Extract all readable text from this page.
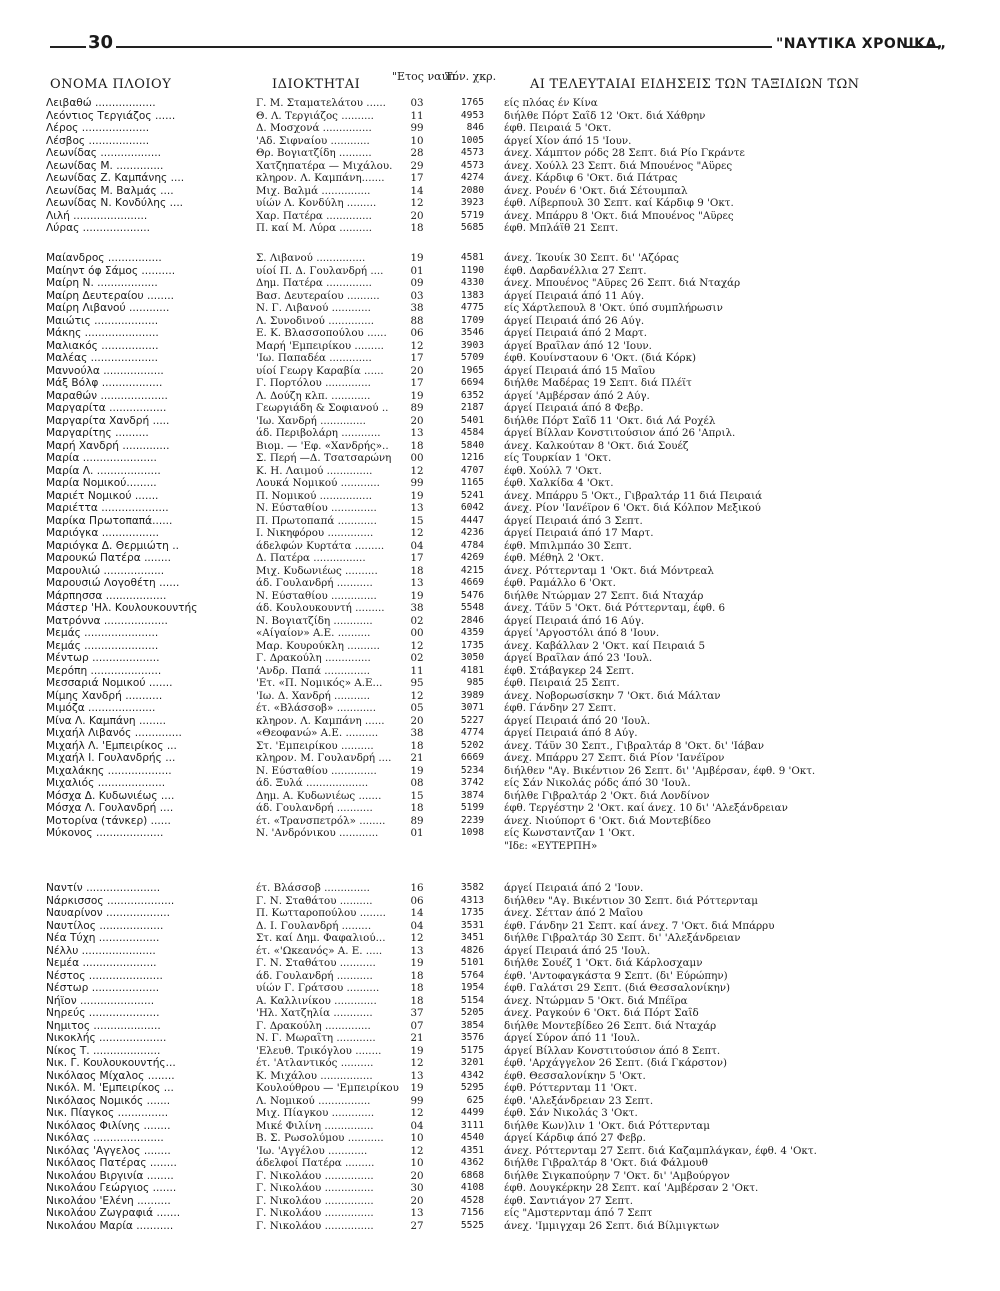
30	"ΝΑΥΤΙΚΑ ΧΡΟΝΙΚΑ„
ΟΝΟΜΑ ΠΛΟΙΟΥ	ΙΔΙΟΚΤΗΤΑΙ
"Ετος ναυπ.
Τόν. χκρ.
ΑΙ ΤΕΛΕΥΤΑΙΑΙ ΕΙΔΗΣΕΙΣ ΤΩΝ ΤΑΞΙΔΙΩΝ ΤΩΝ
Λειβαθώ ..................	Γ. Μ. Σταματελάτου ......	03	1765 είς πλόας έν Κίνα
Λεόντιος Τεργιάζος ......	Θ. Λ. Τεργιάζος ..........	11	4953 διήλθε Πόρτ Σαΐδ 12 'Οκτ. διά Χάθρην
Λέρος ....................	Δ. Μοσχονά ...............	99	846 έφθ. Πειραιά 5 'Οκτ.
Λέσβος ..................	'Αδ. Σιφναίου ............	10	1005 άργεί Χίον άπό 15 'Ιουν.
Λεωνίδας ..................	Θρ. Βογιατζίδη ..........	28	4573 άνεχ. Χάμπτον ρόδς 28 Σεπτ. διά Ρίο Γκράντε
Λεωνίδας Μ. ..............	Χατζηπατέρα — Μιχάλου.	29	4573 άνεχ. Χούλλ 23 Σεπτ. διά Μπουένος "Αϋρες
Λεωνίδας Ζ. Καμπάνης ....	κληρον. Λ. Καμπάνη.......	17	4274 άνεχ. Κάρδιφ 6 'Οκτ. διά Πάτρας
Λεωνίδας Μ. Βαλμάς ....	Μιχ. Βαλμά ...............	14	2080 άνεχ. Ρουέν 6 'Οκτ. διά Σέτουμπαλ
Λεωνίδας Ν. Κονδύλης ....	υίών Λ. Κονδύλη .........	12	3923 έφθ. Λίβερπουλ 30 Σεπτ. καί Κάρδιφ 9 'Οκτ.
Λιλή ......................	Χαρ. Πατέρα ..............	20	5719 άνεχ. Μπάρρυ 8 'Οκτ. διά Μπουένος "Αϋρες
Λύρας ....................	Π. καί Μ. Λύρα ..........	18	5685 έφθ. Μπλάϊθ 21 Σεπτ.
Μαίανδρος ................	Σ. Λιβανού ...............	19	4581 άνεχ. Ίκουίκ 30 Σεπτ. δι' 'Αζόρας
Μαίηντ όφ Σάμος ..........	υίοί Π. Δ. Γουλανδρή ....	01	1190 έφθ. Δαρδανέλλια 27 Σεπτ.
Μαίρη Ν. ..................	Δημ. Πατέρα ..............	09	4330 άνεχ. Μπουένος "Αϋρες 26 Σεπτ. διά Νταχάρ
Μαίρη Δευτεραίου ........	Βασ. Δευτεραίου ..........	03	1383 άργεί Πειραιά άπό 11 Αύγ.
Μαίρη Λιβανού ............	Ν. Γ. Λιβανού ............	38	4775 είς Χάρτλεπουλ 8 'Οκτ. ύπό συμπλήρωσιν
Μαιώτις ...................	Λ. Συνοδινού ..............	88	1709 άργεί Πειραιά άπό 26 Αύγ.
Μάκης ......................	Ε. Κ. Βλασσοπούλου ......	06	3546 άργεί Πειραιά άπό 2 Μαρτ.
Μαλιακός .................	Μαρή 'Εμπειρίκου .........	12	3903 άργεί Βραΐλαν άπό 12 'Ιουν.
Μαλέας ....................	'Ιω. Παπαδέα .............	17	5709 έφθ. Κουίνσταουν 6 'Οκτ. (διά Κόρκ)
Μαννούλα ..................	υίοί Γεωργ Καραβία ......	20	1965 άργεί Πειραιά άπό 15 Μαΐου
Μάξ Βόλφ ..................	Γ. Πορτόλου ..............	17	6694 διήλθε Μαδέρας 19 Σεπτ. διά Πλέϊτ
Μαραθών ....................	Λ. Δούζη κλπ. ............	19	6352 άργεί 'Αμβέρσαν άπό 2 Αύγ.
Μαργαρίτα .................	Γεωργιάδη & Σοφιανού ..	89	2187 άργεί Πειραιά άπό 8 Φεβρ.
Μαργαρίτα Χανδρή .....	'Ιω. Χανδρή ..............	20	5401 διήλθε Πόρτ Σαΐδ 11 'Οκτ. διά Λά Ροχέλ
Μαργαρίτης ..........	άδ. Περιβολάρη ............	13	4584 άργεί Βίλλαν Κονστιτούσιον άπό 26 'Απριλ.
Μαρή Χανδρή ..............	Βιομ. — 'Εφ. «Χανδρής»..	18	5840 άνεχ. Καλκούταν 8 'Οκτ. διά Σουέζ
Μαρία ......................	Σ. Περή —Δ. Τσατσαρώνη	00	1216 είς Τουρκίαν 1 'Οκτ.
Μαρία Λ. ...................	Κ. Η. Λαιμού ..............	12	4707 έφθ. Χούλλ 7 'Οκτ.
Μαρία Νομικού.........	Λουκά Νομικού ............	99	1165 έφθ. Χαλκίδα 4 'Οκτ.
Μαριέτ Νομικού .......	Π. Νομικού ................	19	5241 άνεχ. Μπάρρυ 5 'Οκτ., Γιβραλτάρ 11 διά Πειραιά
Μαριέττα ....................	Ν. Εύσταθίου ..............	13	6042 άνεχ. Ρίον 'Ιανέϊρον 6 'Οκτ. διά Κόλπον Μεξικού
Μαρίκα Πρωτοπαπά......	Π. Πρωτοπαπά ............	15	4447 άργεί Πειραιά άπό 3 Σεπτ.
Μαριόγκα .................	Ι. Νικηφόρου ..............	12	4236 άργεί Πειραιά άπό 17 Μαρτ.
Μαριόγκα Δ. Θερμιώτη ..	άδελφών Κυρτάτα .........	04	4784 έφθ. Μπιλμπάο 30 Σεπτ.
Μαρουκώ Πατέρα ........	Δ. Πατέρα ................	17	4269 έφθ. Μέθηλ 2 'Οκτ.
Μαρουλιώ ..................	Μιχ. Κυδωνιέως ..........	18	4215 άνεχ. Ρόττερνταμ 1 'Οκτ. διά Μόντρεαλ
Μαρουσιώ Λογοθέτη ......	άδ. Γουλανδρή ...........	13	4669 έφθ. Ραμάλλο 6 'Οκτ.
Μάρπησσα ..................	Ν. Εύσταθίου ..............	19	5476 διήλθε Ντώρμαν 27 Σεπτ. διά Νταχάρ
Μάστερ 'Ηλ. Κουλουκουντής	άδ. Κουλουκουντή .........	38	5548 άνεχ. Τάϋν 5 'Οκτ. διά Ρόττερνταμ, έφθ. 6
Ματρόννα ...................	Ν. Βογιατζίδη ............	02	2846 άργεί Πειραιά άπό 16 Αύγ.
Μεμάς ......................	«Αίγαίον» Α.Ε. ..........	00	4359 άργεί 'Αργοστόλι άπό 8 'Ιουν.
Μεμάς ......................	Μαρ. Κουρούκλη ..........	12	1735 άνεχ. Καβάλλαν 2 'Οκτ. καί Πειραιά 5
Μέντωρ ....................	Γ. Δρακούλη ..............	02	3050 άργεί Βραΐλαν άπό 23 'Ιουλ.
Μερόπη .....................	'Ανδρ. Παπά ..............	11	4181 έφθ. Στάβαγκερ 24 Σεπτ.
Μεσσαριά Νομικού .......	'Ετ. «Π. Νομικός» Α.Ε...	95	985 έφθ. Πειραιά 25 Σεπτ.
Μίμης Χανδρή ...........	'Ιω. Δ. Χανδρή ...........	12	3989 άνεχ. Νοβορωσίσκην 7 'Οκτ. διά Μάλταν
Μιμόζα ....................	έτ. «Βλάσσοβ» ............	05	3071 έφθ. Γάνδην 27 Σεπτ.
Μίνα Λ. Καμπάνη ........	κληρον. Λ. Καμπάνη ......	20	5227 άργεί Πειραιά άπό 20 'Ιουλ.
Μιχαήλ Λιβανός ..............	«Θεοφανώ» Α.Ε. ..........	38	4774 άργεί Πειραιά άπό 8 Αύγ.
Μιχαήλ Λ. 'Εμπειρίκος ...	Στ. 'Εμπειρίκου ..........	18	5202 άνεχ. Τάϋν 30 Σεπτ., Γιβραλτάρ 8 'Οκτ. δι' 'Ιάβαν
Μιχαήλ Ι. Γουλανδρής ...	κληρον. Μ. Γουλανδρή ....	21	6669 άνεχ. Μπάρρυ 27 Σεπτ. διά Ρίον 'Ιανέϊρον
Μιχαλάκης ...................	Ν. Εύσταθίου ..............	19	5234 διήλθεν "Αγ. Βικέντιον 26 Σεπτ. δι' 'Αμβέρσαν, έφθ. 9 'Οκτ.
Μιχαλιός ....................	άδ. Ξυλά ...................	08	3742 είς Σάν Νικολάς ρόδς άπό 30 'Ιουλ.
Μόσχα Δ. Κυδωνιέως ....	Δημ. Α. Κυδωνιέως .......	15	3874 διήλθε Γιβραλτάρ 2 'Οκτ. διά Λονδίνον
Μόσχα Λ. Γουλανδρή ....	άδ. Γουλανδρή ...........	18	5199 έφθ. Τεργέστην 2 'Οκτ. καί άνεχ. 10 δι' 'Αλεξάνδρειαν
Μοτορίνα (τάνκερ) ......	έτ. «Τρανσπετρόλ» ........	89	2239 άνεχ. Νιούπορτ 6 'Οκτ. διά Μοντεβίδεο
Μύκονος ....................	Ν. 'Ανδρόνικου ............	01	1098 είς Κωνσταντζαν 1 'Οκτ.
"Ιδε: «ΕΥΤΕΡΠΗ»
Ναντίν ......................	έτ. Βλάσσοβ ..............	16	3582 άργεί Πειραιά άπό 2 'Ιουν.
Νάρκισσος ....................	Γ. Ν. Σταθάτου ..........	06	4313 διήλθεν "Αγ. Βικέντιον 30 Σεπτ. διά Ρόττερνταμ
Ναυαρίνον ...................	Π. Κωτταροπούλου ........	14	1735 άνεχ. Σέτταν άπό 2 Μαΐου
Ναυτίλος ...................	Δ. Ι. Γουλανδρή .........	04	3531 έφθ. Γάνδην 21 Σεπτ. καί άνεχ. 7 'Οκτ. διά Μπάρρυ
Νέα Τύχη ..................	Στ. καί Δημ. Φαφαλιού...	12	3451 διήλθε Γιβραλτάρ 30 Σεπτ. δι' 'Αλεξάνδρειαν
Νέλλυ ......................	έτ. «'Ωκεανός» Α. Ε. .....	13	4826 άργεί Πειραιά άπό 25 'Ιουλ.
Νεμέα ......................	Γ. Ν. Σταθάτου ...........	19	5101 διήλθε Σουέζ 1 'Οκτ. διά Κάρλοσχαμν
Νέστος ......................	άδ. Γουλανδρή ...........	18	5764 έφθ. 'Αντοφαγκάστα 9 Σεπτ. (δι' Εύρώπην)
Νέστωρ ....................	υίών Γ. Γράτσου ..........	18	1954 έφθ. Γαλάτσι 29 Σεπτ. (διά Θεσσαλονίκην)
Νήϊον ......................	Α. Καλλινίκου .............	18	5154 άνεχ. Ντώρμαν 5 'Οκτ. διά Μπέϊρα
Νηρεύς .....................	'Ηλ. Χατζηλία ............	37	5205 άνεχ. Ραγκούν 6 'Οκτ. διά Πόρτ Σαΐδ
Νημιτος ....................	Γ. Δρακούλη ..............	07	3854 διήλθε Μοντεβίδεο 26 Σεπτ. διά Νταχάρ
Νικοκλής ....................	Ν. Γ. Μωραΐτη ............	21	3576 άργεί Σύρον άπό 11 'Ιουλ.
Νίκος Τ. ....................	'Ελευθ. Τρικόγλου ........	19	5175 άργεί Βίλλαν Κονστιτούσιον άπό 8 Σεπτ.
Νικ. Γ. Κουλουκουντής...	έτ. 'Ατλαντικός ..........	12	3201 έφθ. 'Αρχάγγελον 26 Σεπτ. (διά Γκάρστον)
Νικόλαος Μίχαλος ........	Κ. Μιχάλου ................	13	4342 έφθ. Θεσσαλονίκην 5 'Οκτ.
Νικόλ. Μ. 'Εμπειρίκος ...	Κουλούθρου — 'Εμπειρίκου	19	5295 έφθ. Ρόττερνταμ 11 'Οκτ.
Νικόλαος Νομικός .......	Λ. Νομικού ................	99	625 έφθ. 'Αλεξάνδρειαν 23 Σεπτ.
Νικ. Πίαγκος ...............	Μιχ. Πίαγκου .............	12	4499 έφθ. Σάν Νικολάς 3 'Οκτ.
Νικόλαος Φιλίνης ........	Μικέ Φιλίνη ...............	04	3111 διήλθε Κων)λιν 1 'Οκτ. διά Ρόττερνταμ
Νικόλας .....................	Β. Σ. Ρωσολύμου ...........	10	4540 άργεί Κάρδιφ άπό 27 Φεβρ.
Νικόλας 'Αγγελος ........	'Ιω. 'Αγγέλου ............	12	4351 άνεχ. Ρόττερνταμ 27 Σεπτ. διά Καζαμπλάγκαν, έφθ. 4 'Οκτ.
Νικόλαος Πατέρας ........	άδελφοί Πατέρα .........	10	4362 διήλθε Γιβραλτάρ 8 'Οκτ. διά Φάλμουθ
Νικολάου Βιργινία ........	Γ. Νικολάου ...............	20	6868 διήλθε Σιγκαπούρην 7 'Οκτ. δι' 'Αμβούργον
Νικολάου Γεώργιος .......	Γ. Νικολάου ...............	30	4108 έφθ. Δουγκέρκην 28 Σεπτ. καί 'Αμβέρσαν 2 'Οκτ.
Νικολάου 'Ελένη ..........	Γ. Νικολάου ...............	20	4528 έφθ. Σαντιάγον 27 Σεπτ.
Νικολάου Ζωγραφιά .......	Γ. Νικολάου ...............	13	7156 είς "Αμστερνταμ άπό 7 Σεπτ
Νικολάου Μαρία ...........	Γ. Νικολάου ...............	27	5525 άνεχ. 'Ιμμιγχαμ 26 Σεπτ. διά Βίλμιγκτων
